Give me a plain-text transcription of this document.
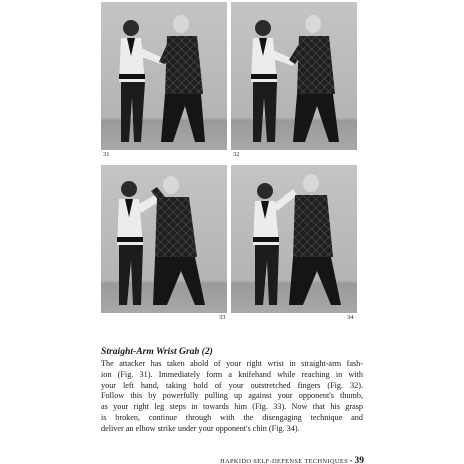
31	32
33	34
Straight-Arm Wrist Grab (2)
The attacker has taken ahold of your right wrist in straight-arm fash-
ion (Fig. 31). Immediately form a knifehand while reaching in with
your left hand, taking hold of your outstretched fingers (Fig. 32).
Follow this by powerfully pulling up against your opponent's thumb,
as your right leg steps in towards him (Fig. 33). Now that his grasp
is broken, continue through with the disengaging technique and
deliver an elbow strike under your opponent's chin (Fig. 34).
HAPKIDO SELF-DEFENSE TECHNIQUES • 39
